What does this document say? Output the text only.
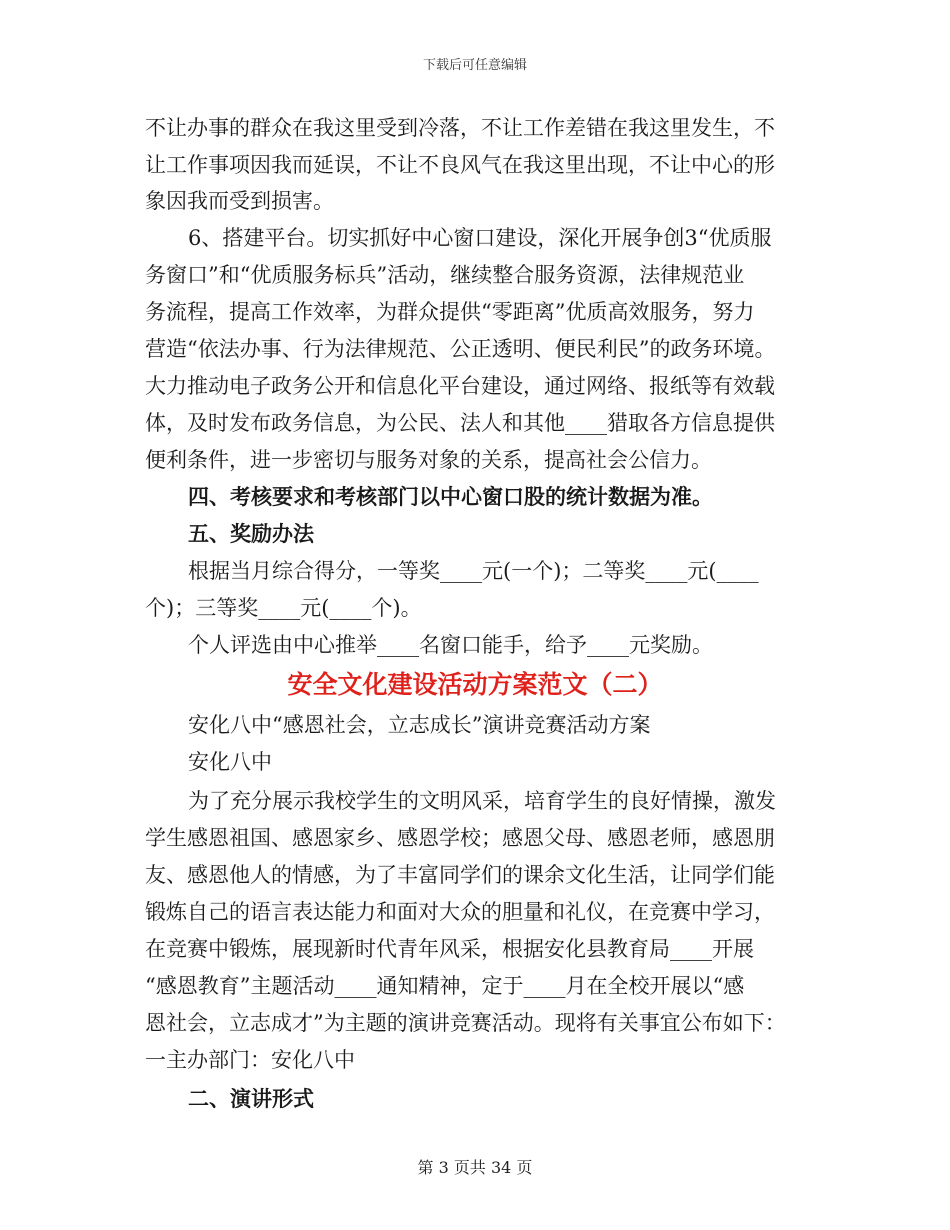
下载后可任意编辑
不让办事的群众在我这里受到冷落，不让工作差错在我这里发生，不
让工作事项因我而延误，不让不良风气在我这里出现，不让中心的形
象因我而受到损害。
6、搭建平台。切实抓好中心窗口建设，深化开展争创3“优质服
务窗口”和“优质服务标兵”活动，继续整合服务资源，法律规范业
务流程，提高工作效率，为群众提供“零距离”优质高效服务，努力
营造“依法办事、行为法律规范、公正透明、便民利民”的政务环境。
大力推动电子政务公开和信息化平台建设，通过网络、报纸等有效载
体，及时发布政务信息，为公民、法人和其他____猎取各方信息提供
便利条件，进一步密切与服务对象的关系，提高社会公信力。
四、考核要求和考核部门以中心窗口股的统计数据为准。
五、奖励办法
根据当月综合得分，一等奖____元(一个)；二等奖____元(____
个)；三等奖____元(____个)。
个人评选由中心推举____名窗口能手，给予____元奖励。
安全文化建设活动方案范文（二）
安化八中“感恩社会，立志成长”演讲竞赛活动方案
安化八中
为了充分展示我校学生的文明风采，培育学生的良好情操，激发
学生感恩祖国、感恩家乡、感恩学校；感恩父母、感恩老师，感恩朋
友、感恩他人的情感，为了丰富同学们的课余文化生活，让同学们能
锻炼自己的语言表达能力和面对大众的胆量和礼仪，在竞赛中学习，
在竞赛中锻炼，展现新时代青年风采，根据安化县教育局____开展
“感恩教育”主题活动____通知精神，定于____月在全校开展以“感
恩社会，立志成才”为主题的演讲竞赛活动。现将有关事宜公布如下：
一主办部门：安化八中
二、演讲形式
第 3 页共 34 页
